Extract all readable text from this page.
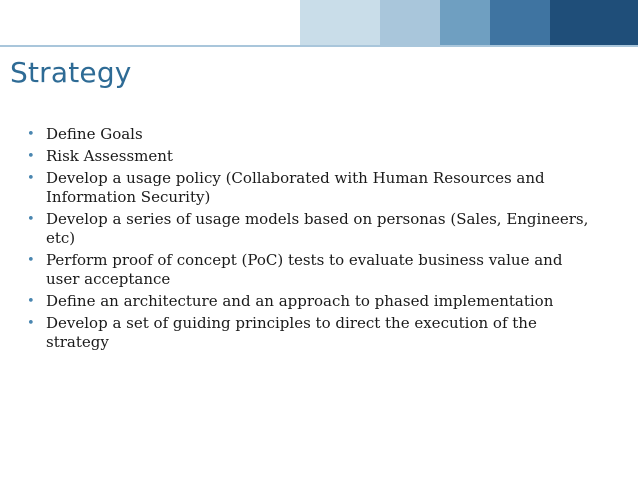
Strategy
• Define Goals
• Risk Assessment
• Develop a usage policy (Collaborated with Human Resources and Information Security)
• Develop a series of usage models based on personas (Sales, Engineers, etc)
• Perform proof of concept (PoC) tests to evaluate business value and user acceptance
• Define an architecture and an approach to phased implementation
• Develop a set of guiding principles to direct the execution of the strategy
